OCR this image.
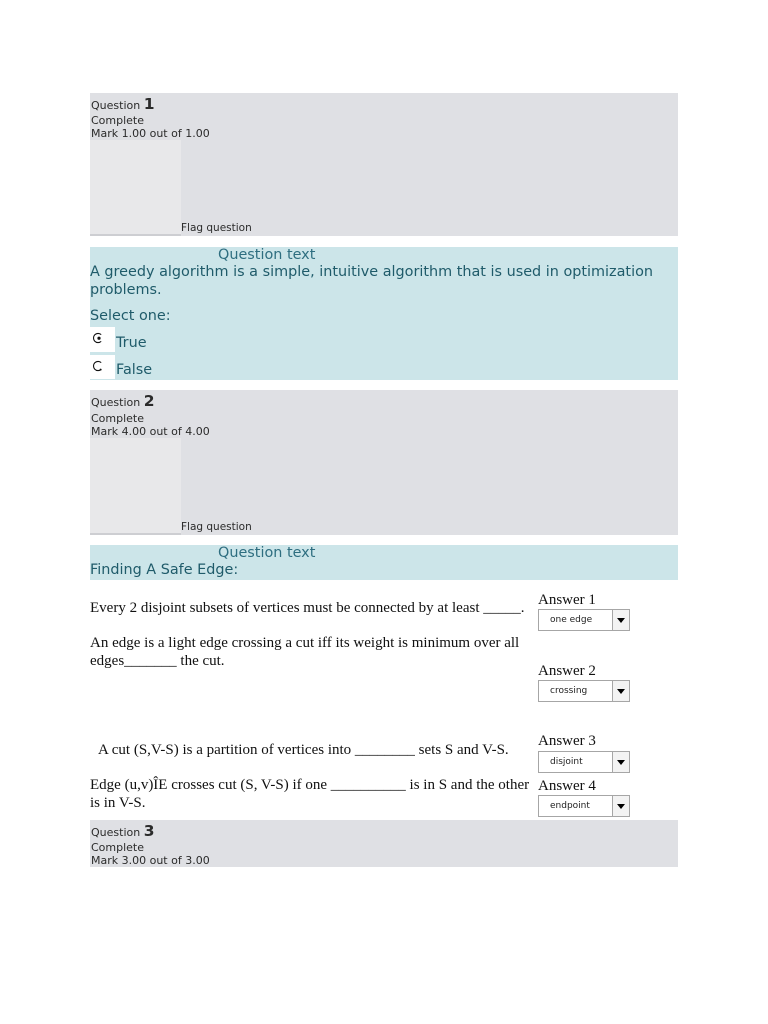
Question 1
Complete
Mark 1.00 out of 1.00
Flag question
Question text
A greedy algorithm is a simple, intuitive algorithm that is used in optimization problems.
Select one:
True
False
Question 2
Complete
Mark 4.00 out of 4.00
Flag question
Question text
Finding A Safe Edge:
Every 2 disjoint subsets of vertices must be connected by at least _____. Answer 1
one edge
An edge is a light edge crossing a cut iff its weight is minimum over all edges_______ the cut.
Answer 2
crossing
A cut (S,V-S) is a partition of vertices into ________ sets S and V-S.
Answer 3
disjoint
Edge (u,v)ÎE crosses cut (S, V-S) if one __________ is in S and the other is in V-S.
Answer 4
endpoint
Question 3
Complete
Mark 3.00 out of 3.00
